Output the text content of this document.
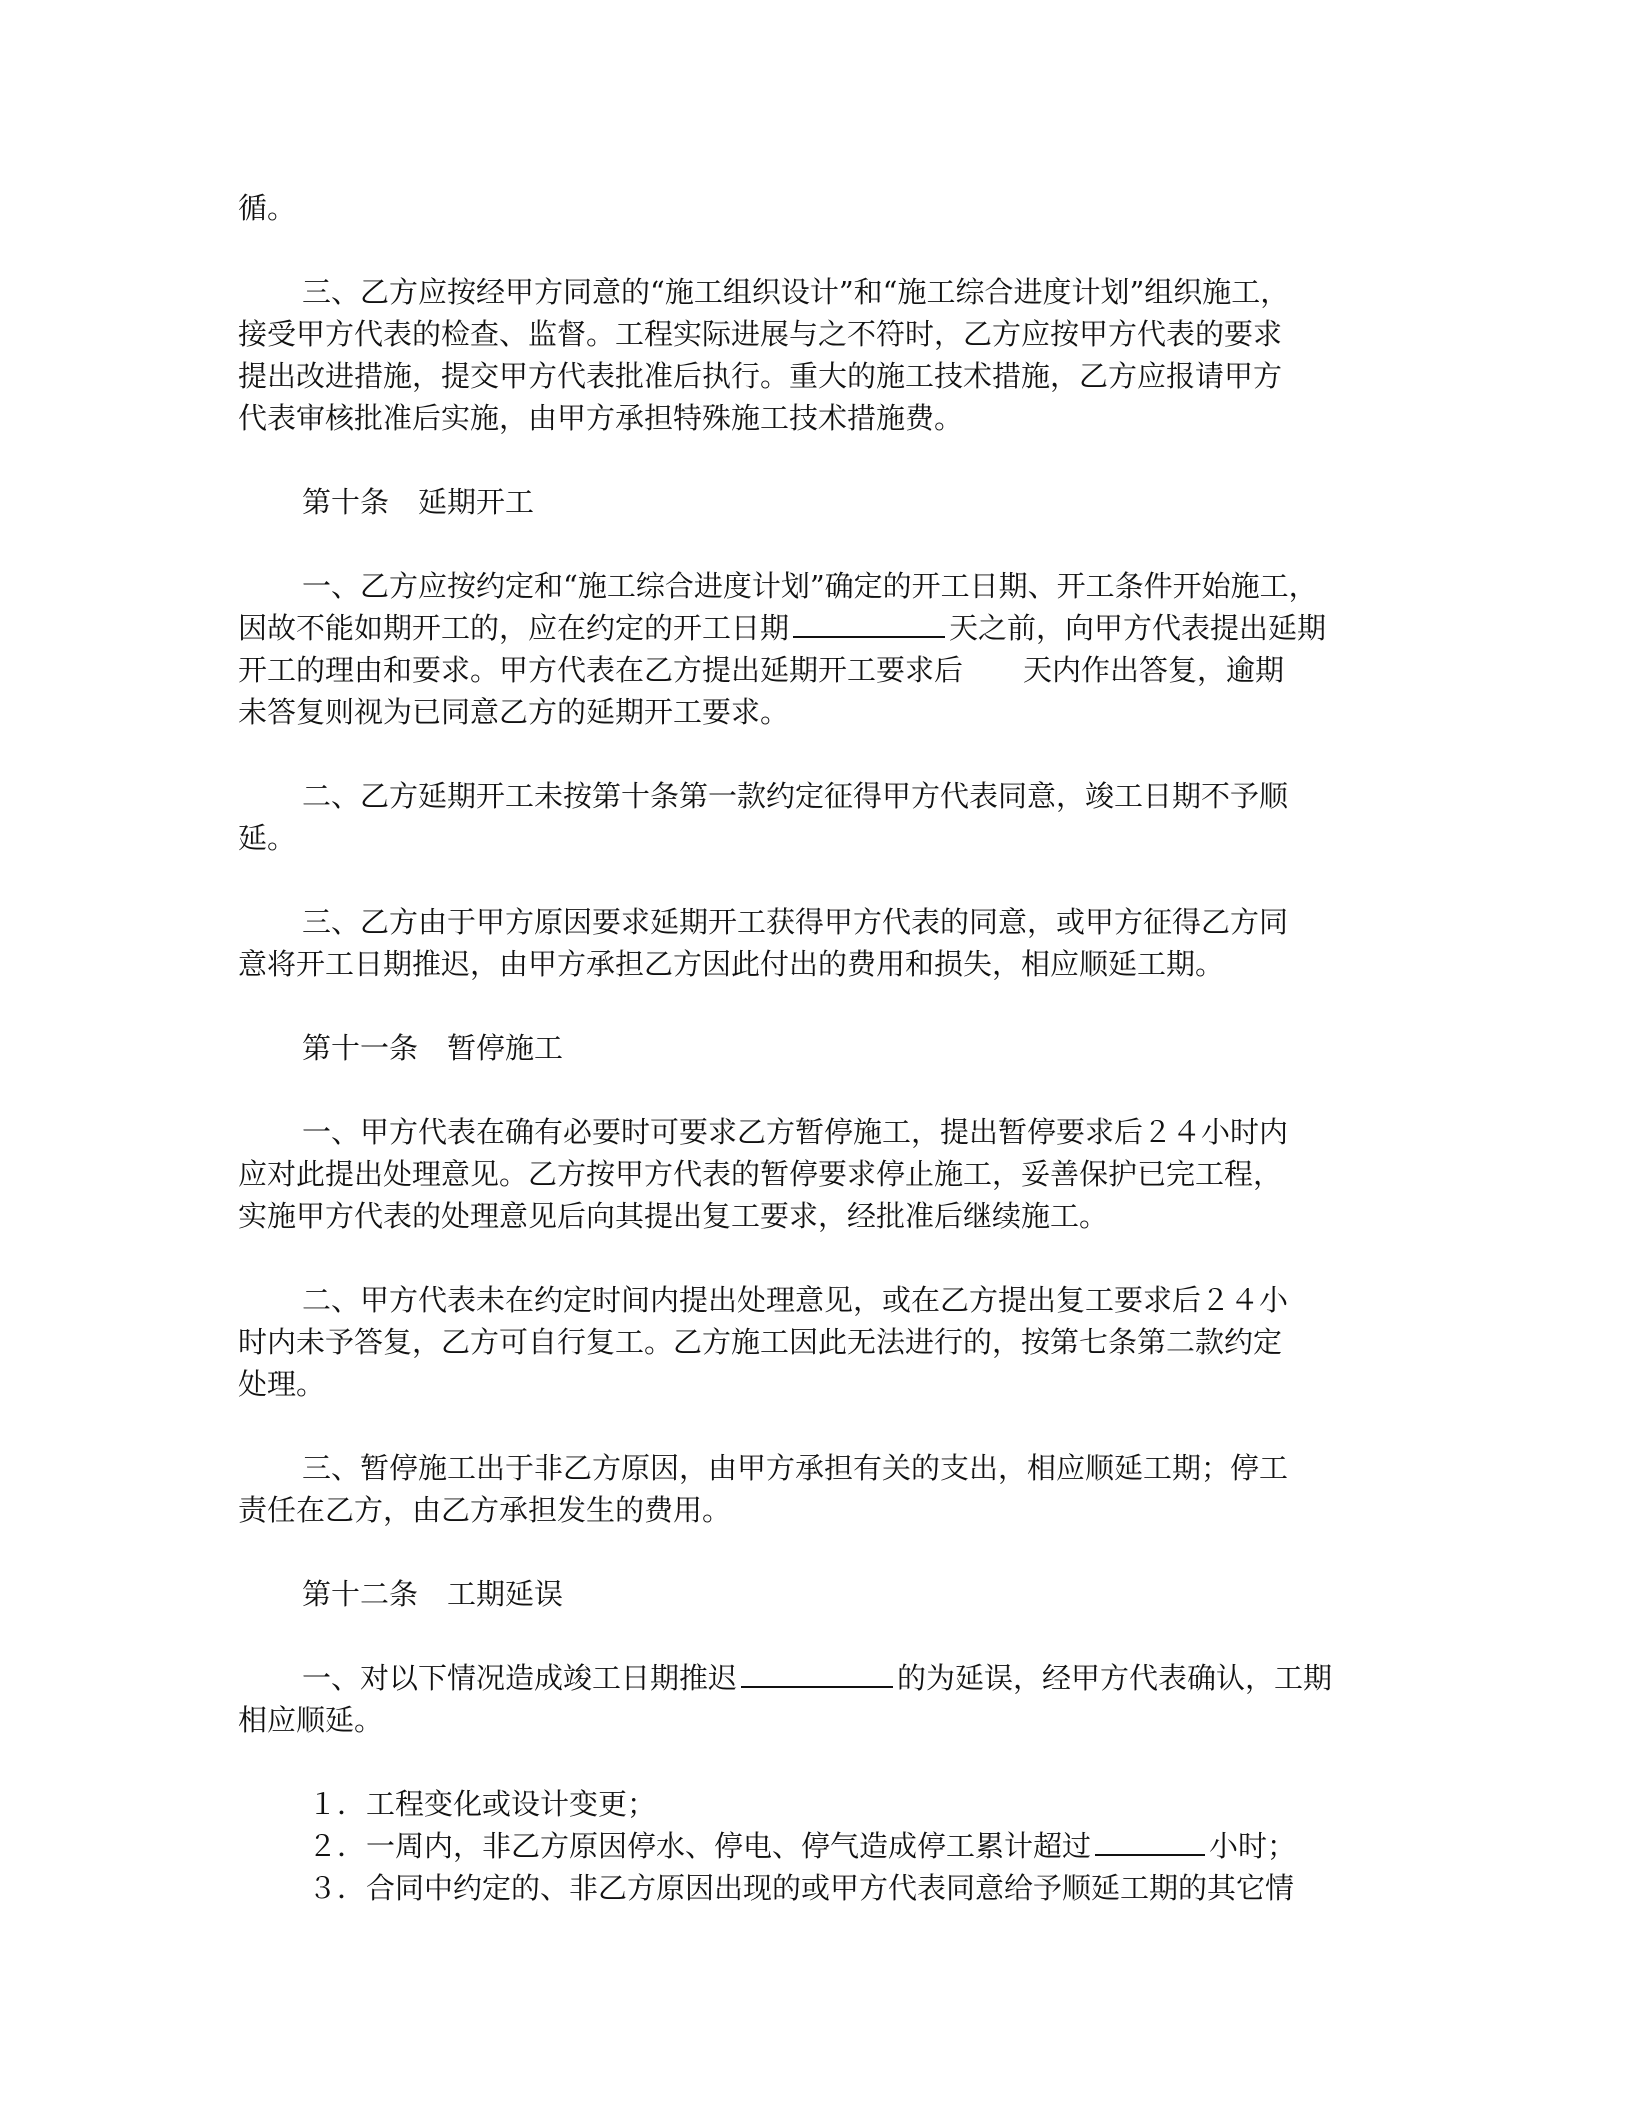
循。
三、乙方应按经甲方同意的“施工组织设计”和“施工综合进度计划”组织施工，
接受甲方代表的检查、监督。工程实际进展与之不符时，乙方应按甲方代表的要求
提出改进措施，提交甲方代表批准后执行。重大的施工技术措施，乙方应报请甲方
代表审核批准后实施，由甲方承担特殊施工技术措施费。
第十条　延期开工
一、乙方应按约定和“施工综合进度计划”确定的开工日期、开工条件开始施工，
因故不能如期开工的，应在约定的开工日期	天之前，向甲方代表提出延期
开工的理由和要求。甲方代表在乙方提出延期开工要求后 天内作出答复，逾期
未答复则视为已同意乙方的延期开工要求。
二、乙方延期开工未按第十条第一款约定征得甲方代表同意，竣工日期不予顺
延。
三、乙方由于甲方原因要求延期开工获得甲方代表的同意，或甲方征得乙方同
意将开工日期推迟，由甲方承担乙方因此付出的费用和损失，相应顺延工期。
第十一条　暂停施工
一、甲方代表在确有必要时可要求乙方暂停施工，提出暂停要求后２４小时内
应对此提出处理意见。乙方按甲方代表的暂停要求停止施工，妥善保护已完工程，
实施甲方代表的处理意见后向其提出复工要求，经批准后继续施工。
二、甲方代表未在约定时间内提出处理意见，或在乙方提出复工要求后２４小
时内未予答复，乙方可自行复工。乙方施工因此无法进行的，按第七条第二款约定
处理。
三、暂停施工出于非乙方原因，由甲方承担有关的支出，相应顺延工期；停工
责任在乙方，由乙方承担发生的费用。
第十二条　工期延误
一、对以下情况造成竣工日期推迟	的为延误，经甲方代表确认，工期
相应顺延。
１．工程变化或设计变更；
２．一周内，非乙方原因停水、停电、停气造成停工累计超过	小时；
３．合同中约定的、非乙方原因出现的或甲方代表同意给予顺延工期的其它情
